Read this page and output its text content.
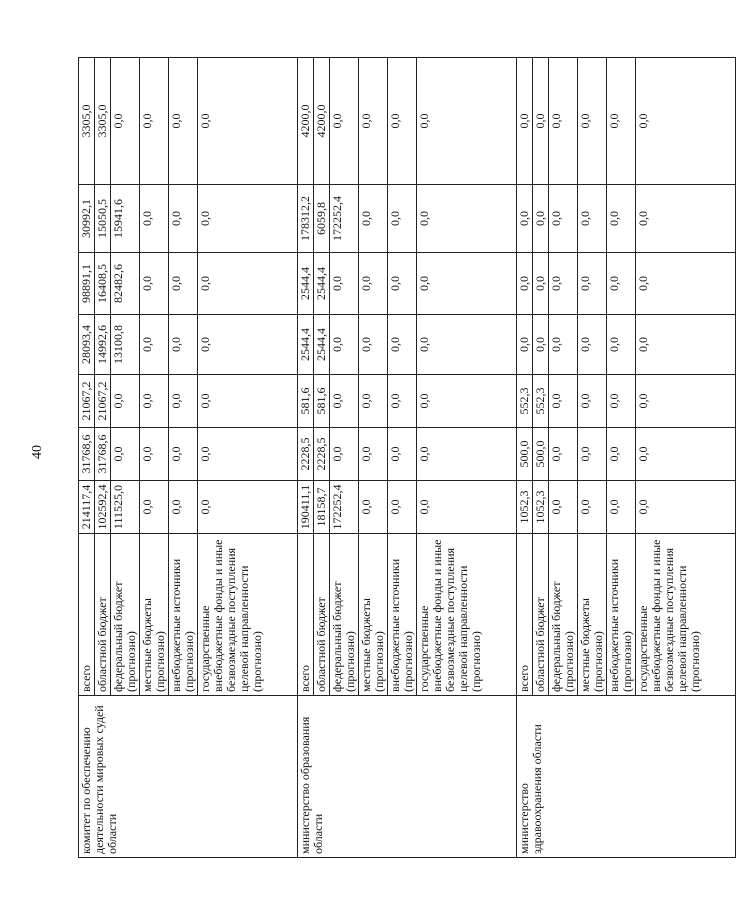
40
комитет по обеспечению деятельности мировых судей области	всего	214117,4	31768,6	21067,2	28093,4	98891,1	30992,1	3305,0	
	областной бюджет	102592,4	31768,6	21067,2	14992,6	16408,5	15050,5	3305,0	
	федеральный бюджет (прогнозно)	111525,0	0,0	0,0	13100,8	82482,6	15941,6	0,0	
	местные бюджеты (прогнозно)	0,0	0,0	0,0	0,0	0,0	0,0	0,0	
	внебюджетные источники (прогнозно)	0,0	0,0	0,0	0,0	0,0	0,0	0,0	
	государственные внебюджетные фонды и иные безвозмездные поступления целевой направленности (прогнозно)	0,0	0,0	0,0	0,0	0,0	0,0	0,0	
министерство образования области	всего	190411,1	2228,5	581,6	2544,4	2544,4	178312,2	4200,0	
	областной бюджет	18158,7	2228,5	581,6	2544,4	2544,4	6059,8	4200,0	
	федеральный бюджет (прогнозно)	172252,4	0,0	0,0	0,0	0,0	172252,4	0,0	
	местные бюджеты (прогнозно)	0,0	0,0	0,0	0,0	0,0	0,0	0,0	
	внебюджетные источники (прогнозно)	0,0	0,0	0,0	0,0	0,0	0,0	0,0	
	государственные внебюджетные фонды и иные безвозмездные поступления целевой направленности (прогнозно)	0,0	0,0	0,0	0,0	0,0	0,0	0,0	
министерство здравоохранения области	всего	1052,3	500,0	552,3	0,0	0,0	0,0	0,0	
	областной бюджет	1052,3	500,0	552,3	0,0	0,0	0,0	0,0	
	федеральный бюджет (прогнозно)	0,0	0,0	0,0	0,0	0,0	0,0	0,0	
	местные бюджеты (прогнозно)	0,0	0,0	0,0	0,0	0,0	0,0	0,0	
	внебюджетные источники (прогнозно)	0,0	0,0	0,0	0,0	0,0	0,0	0,0	
	государственные внебюджетные фонды и иные безвозмездные поступления целевой направленности (прогнозно)	0,0	0,0	0,0	0,0	0,0	0,0	0,0	
